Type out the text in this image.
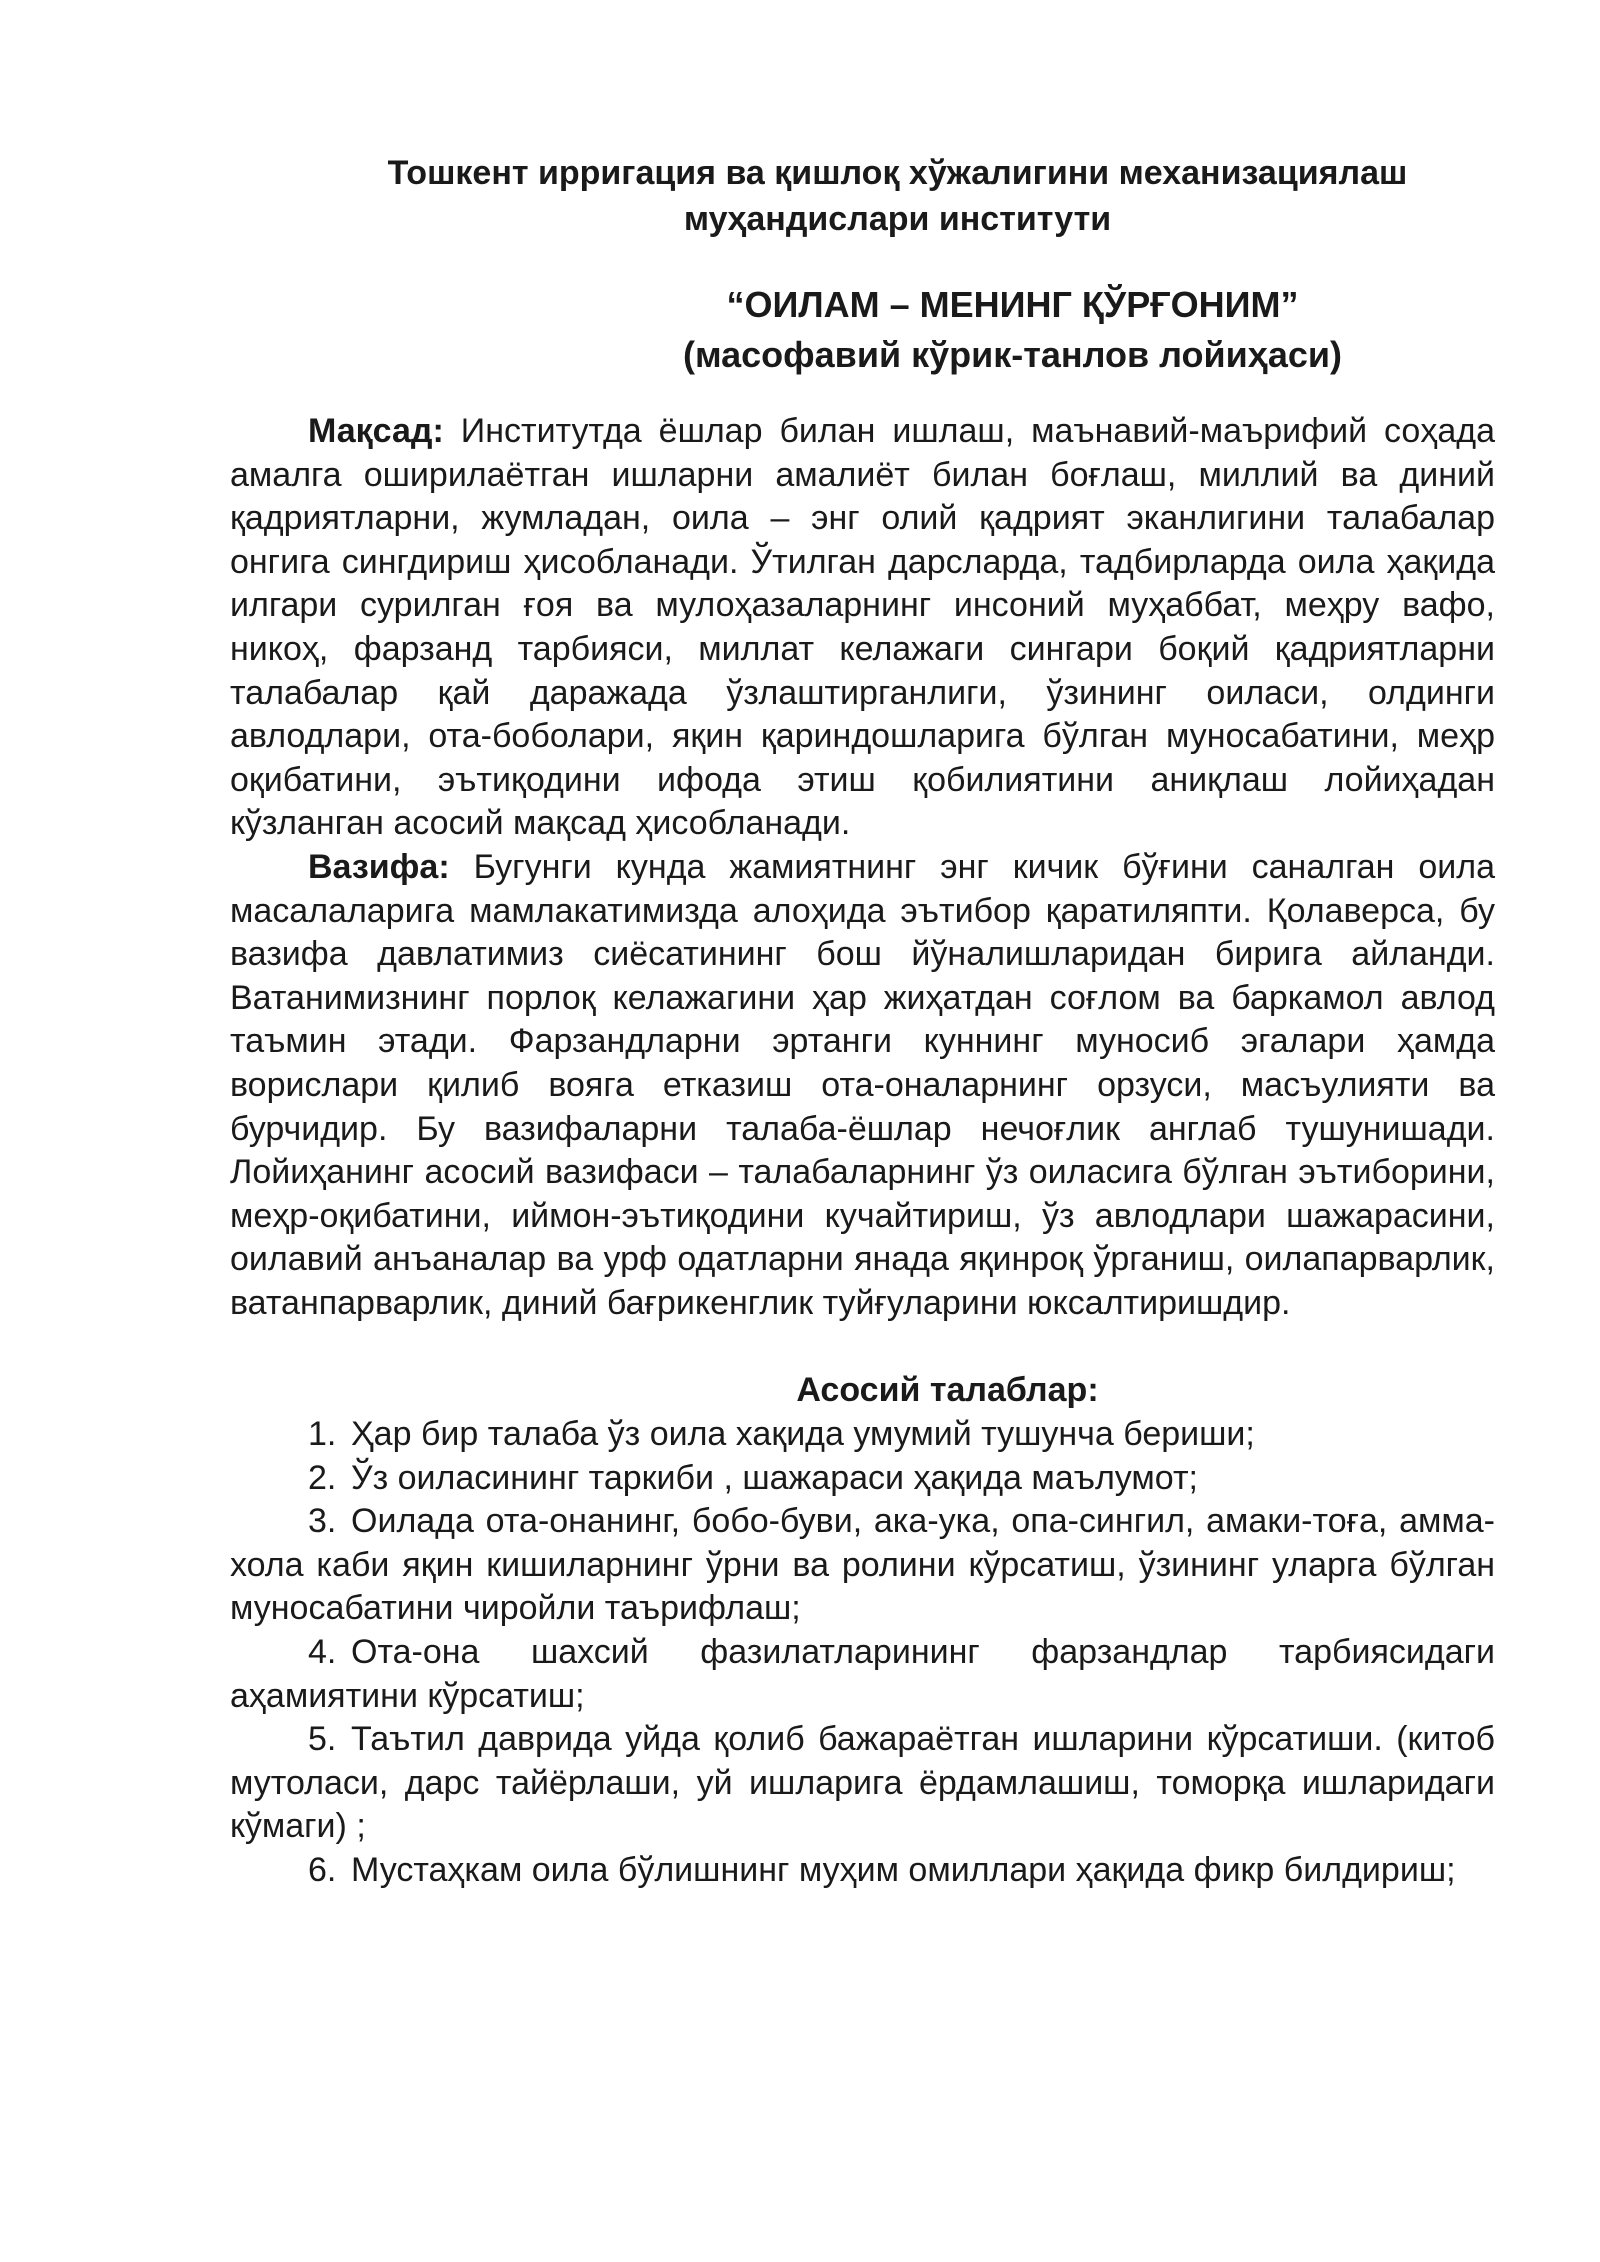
Тошкент ирригация ва қишлоқ хўжалигини механизациялаш
муҳандислари институти
“ОИЛАМ – МЕНИНГ ҚЎРҒОНИМ”
(масофавий кўрик-танлов лойиҳаси)

Мақсад: Институтда ёшлар билан ишлаш, маънавий-маърифий соҳада амалга оширилаётган ишларни амалиёт билан боғлаш, миллий ва диний қадриятларни, жумладан, оила – энг олий қадрият эканлигини талабалар онгига сингдириш ҳисобланади. Ўтилган дарсларда, тадбирларда оила ҳақида илгари сурилган ғоя ва мулоҳазаларнинг инсоний муҳаббат, меҳру вафо, никоҳ, фарзанд тарбияси, миллат келажаги сингари боқий қадриятларни талабалар қай даражада ўзлаштирганлиги, ўзининг оиласи, олдинги авлодлари, ота-боболари, яқин қариндошларига бўлган муносабатини, меҳр оқибатини, эътиқодини ифода этиш қобилиятини аниқлаш лойиҳадан кўзланган асосий мақсад ҳисобланади.

Вазифа: Бугунги кунда жамиятнинг энг кичик бўғини саналган оила масалаларига мамлакатимизда алоҳида эътибор қаратиляпти. Қолаверса, бу вазифа давлатимиз сиёсатининг бош йўналишларидан бирига айланди. Ватанимизнинг порлоқ келажагини ҳар жиҳатдан соғлом ва баркамол авлод таъмин этади. Фарзандларни эртанги куннинг муносиб эгалари ҳамда ворислари қилиб вояга етказиш ота-оналарнинг орзуси, масъулияти ва бурчидир. Бу вазифаларни талаба-ёшлар нечоғлик англаб тушунишади. Лойиҳанинг асосий вазифаси – талабаларнинг ўз оиласига бўлган эътиборини, меҳр-оқибатини, иймон-эътиқодини кучайтириш, ўз авлодлари шажарасини, оилавий анъаналар ва урф одатларни янада яқинроқ ўрганиш, оилапарварлик, ватанпарварлик, диний бағрикенглик туйғуларини юксалтиришдир.

Асосий талаблар:
1. Ҳар бир талаба ўз оила хақида умумий тушунча бериши;
2. Ўз оиласининг таркиби , шажараси ҳақида маълумот;
3. Оилада ота-онанинг, бобо-буви, ака-ука, опа-сингил, амаки-тоға, амма-хола каби яқин кишиларнинг ўрни ва ролини кўрсатиш, ўзининг уларга бўлган муносабатини чиройли таърифлаш;
4. Ота-она шахсий фазилатларининг фарзандлар тарбиясидаги аҳамиятини кўрсатиш;
5. Таътил даврида уйда қолиб бажараётган ишларини кўрсатиши. (китоб мутоласи, дарс тайёрлаши, уй ишларига ёрдамлашиш, томорқа ишларидаги кўмаги) ;
6. Мустаҳкам оила бўлишнинг муҳим омиллари ҳақида фикр билдириш;
